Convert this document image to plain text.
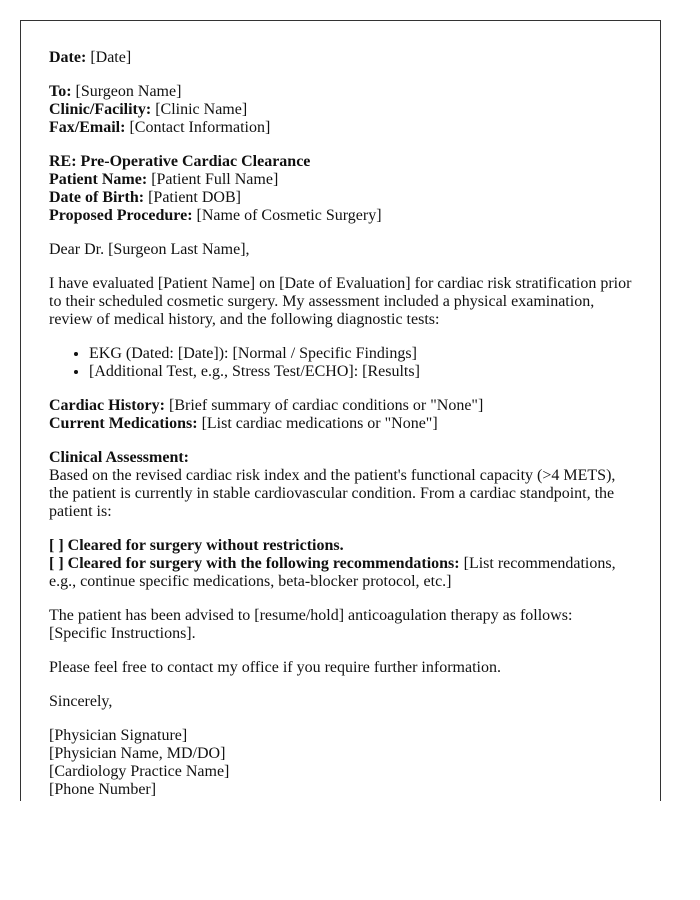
Date: [Date]

To: [Surgeon Name]
Clinic/Facility: [Clinic Name]
Fax/Email: [Contact Information]

RE: Pre-Operative Cardiac Clearance
Patient Name: [Patient Full Name]
Date of Birth: [Patient DOB]
Proposed Procedure: [Name of Cosmetic Surgery]

Dear Dr. [Surgeon Last Name],

I have evaluated [Patient Name] on [Date of Evaluation] for cardiac risk stratification prior to their scheduled cosmetic surgery. My assessment included a physical examination, review of medical history, and the following diagnostic tests:

• EKG (Dated: [Date]): [Normal / Specific Findings]
• [Additional Test, e.g., Stress Test/ECHO]: [Results]

Cardiac History: [Brief summary of cardiac conditions or "None"]
Current Medications: [List cardiac medications or "None"]

Clinical Assessment:
Based on the revised cardiac risk index and the patient's functional capacity (>4 METS), the patient is currently in stable cardiovascular condition. From a cardiac standpoint, the patient is:

[ ] Cleared for surgery without restrictions.
[ ] Cleared for surgery with the following recommendations: [List recommendations, e.g., continue specific medications, beta-blocker protocol, etc.]

The patient has been advised to [resume/hold] anticoagulation therapy as follows: [Specific Instructions].

Please feel free to contact my office if you require further information.

Sincerely,

[Physician Signature]
[Physician Name, MD/DO]
[Cardiology Practice Name]
[Phone Number]
